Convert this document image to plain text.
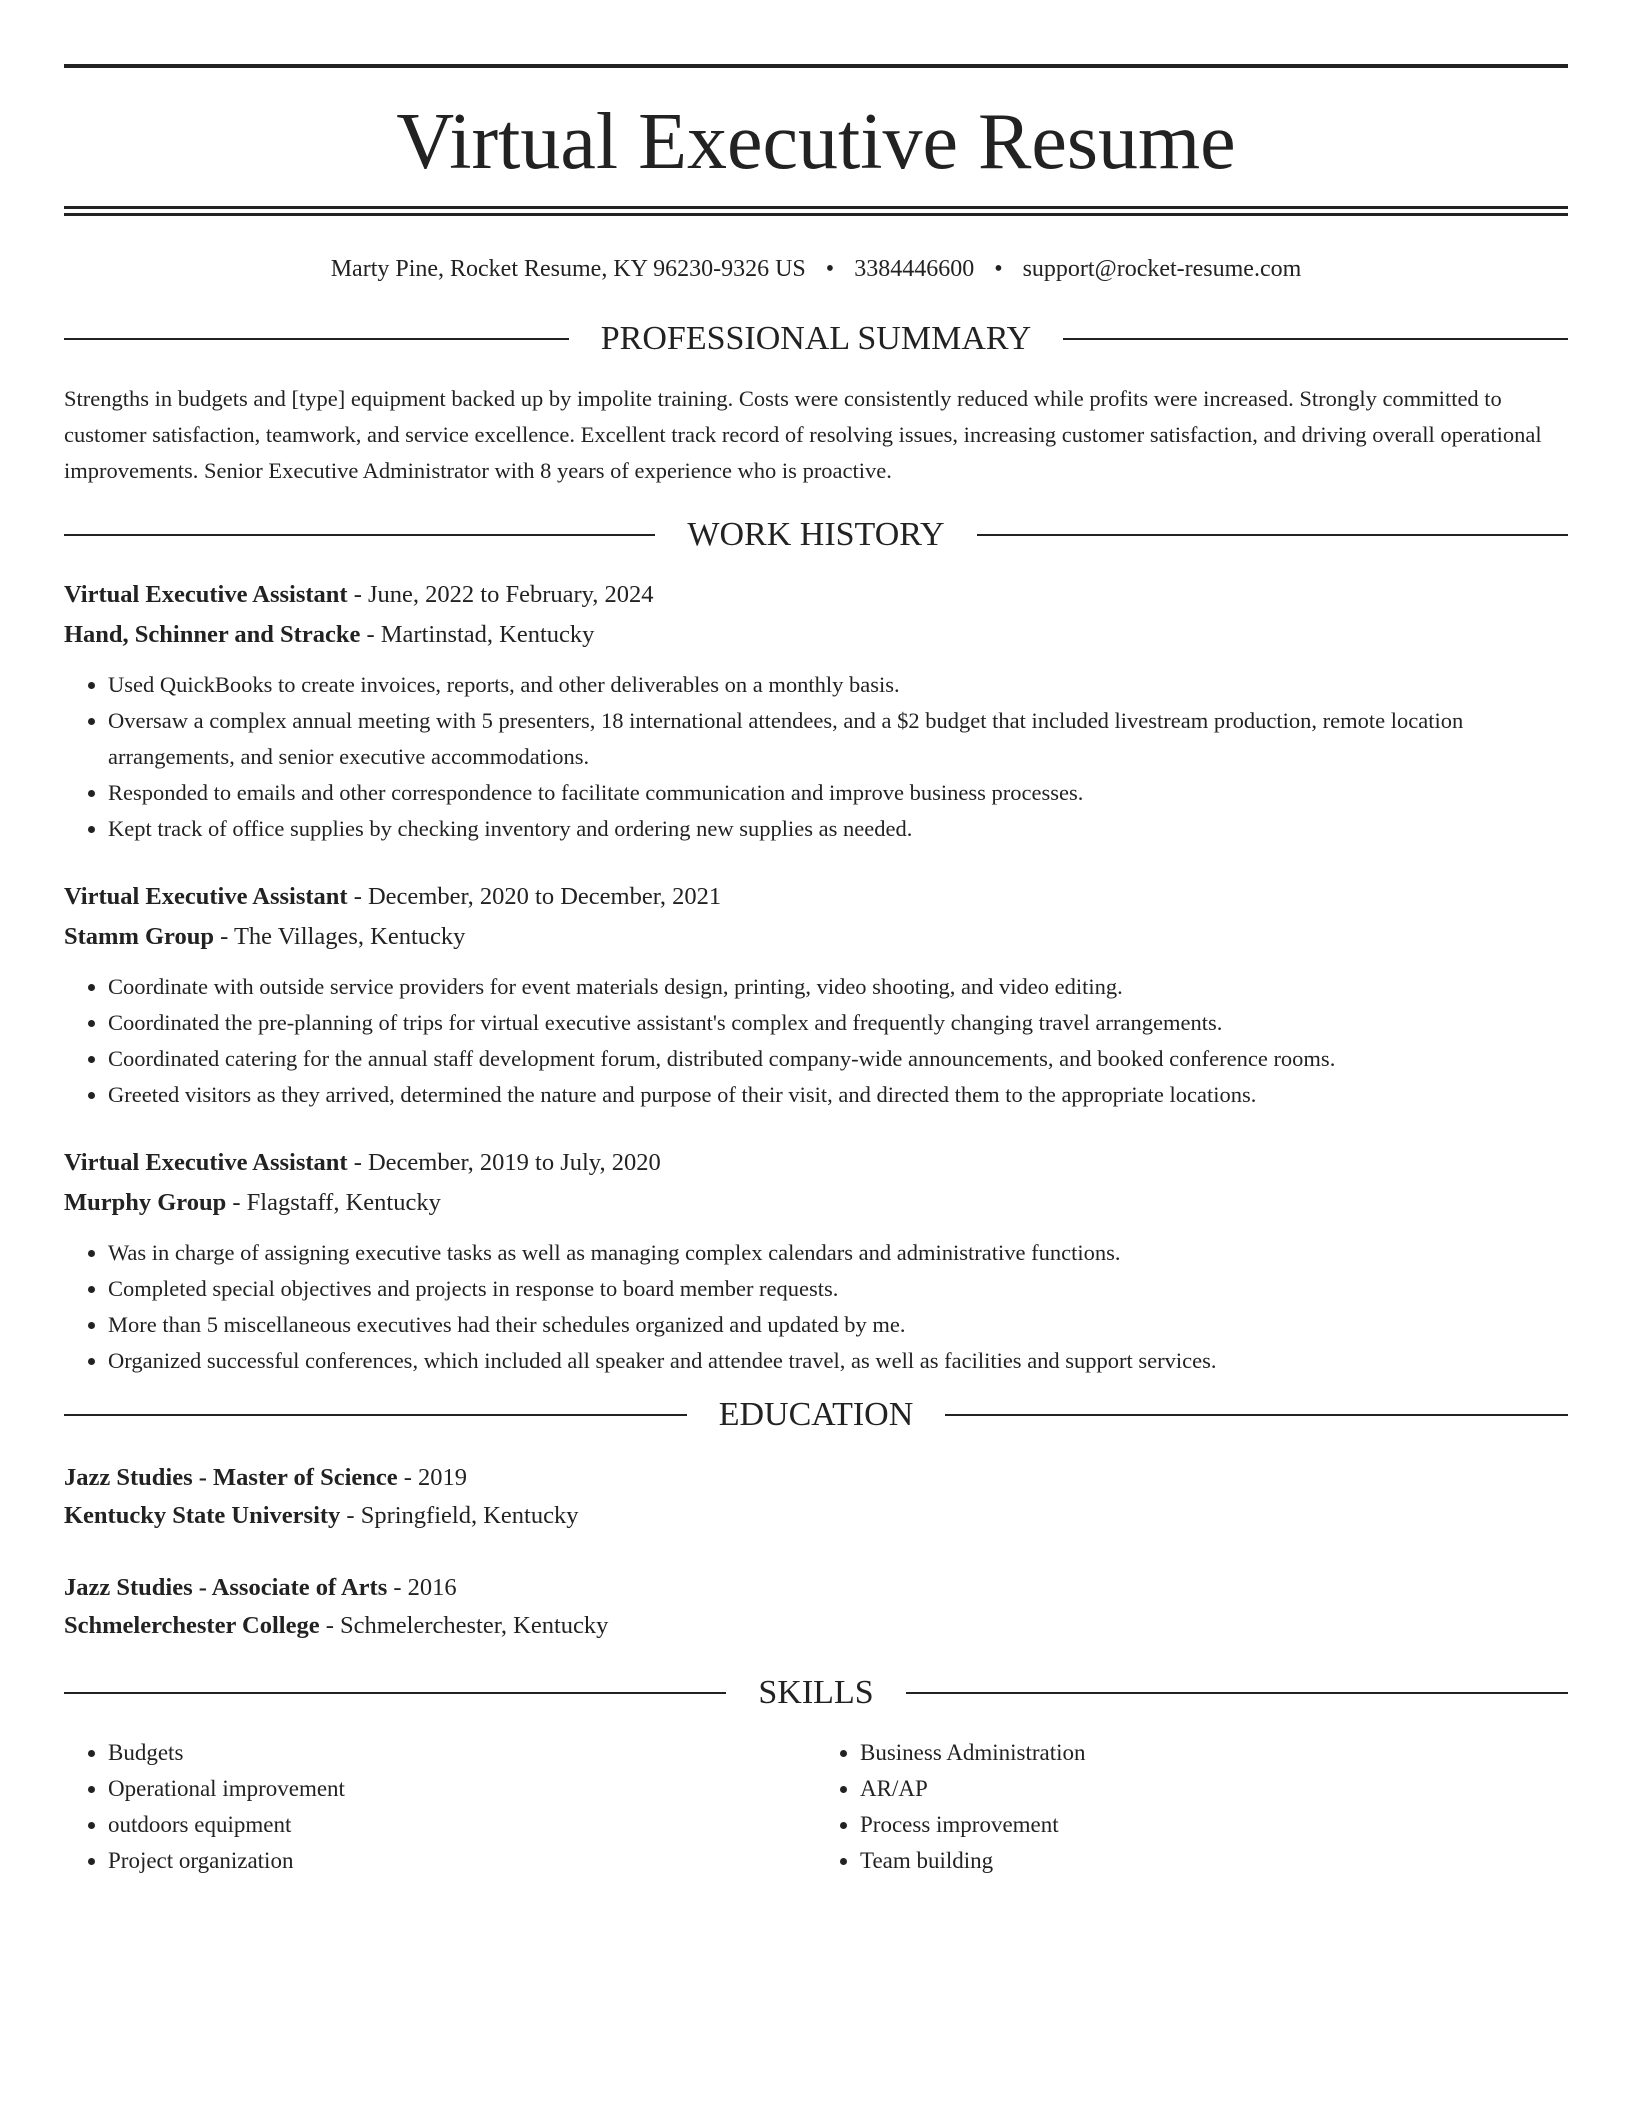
Virtual Executive Resume
Marty Pine, Rocket Resume, KY 96230-9326 US • 3384446600 • support@rocket-resume.com
PROFESSIONAL SUMMARY
Strengths in budgets and [type] equipment backed up by impolite training. Costs were consistently reduced while profits were increased. Strongly committed to customer satisfaction, teamwork, and service excellence. Excellent track record of resolving issues, increasing customer satisfaction, and driving overall operational improvements. Senior Executive Administrator with 8 years of experience who is proactive.
WORK HISTORY
Virtual Executive Assistant - June, 2022 to February, 2024
Hand, Schinner and Stracke - Martinstad, Kentucky
• Used QuickBooks to create invoices, reports, and other deliverables on a monthly basis.
• Oversaw a complex annual meeting with 5 presenters, 18 international attendees, and a $2 budget that included livestream production, remote location arrangements, and senior executive accommodations.
• Responded to emails and other correspondence to facilitate communication and improve business processes.
• Kept track of office supplies by checking inventory and ordering new supplies as needed.
Virtual Executive Assistant - December, 2020 to December, 2021
Stamm Group - The Villages, Kentucky
• Coordinate with outside service providers for event materials design, printing, video shooting, and video editing.
• Coordinated the pre-planning of trips for virtual executive assistant's complex and frequently changing travel arrangements.
• Coordinated catering for the annual staff development forum, distributed company-wide announcements, and booked conference rooms.
• Greeted visitors as they arrived, determined the nature and purpose of their visit, and directed them to the appropriate locations.
Virtual Executive Assistant - December, 2019 to July, 2020
Murphy Group - Flagstaff, Kentucky
• Was in charge of assigning executive tasks as well as managing complex calendars and administrative functions.
• Completed special objectives and projects in response to board member requests.
• More than 5 miscellaneous executives had their schedules organized and updated by me.
• Organized successful conferences, which included all speaker and attendee travel, as well as facilities and support services.
EDUCATION
Jazz Studies - Master of Science - 2019
Kentucky State University - Springfield, Kentucky
Jazz Studies - Associate of Arts - 2016
Schmelerchester College - Schmelerchester, Kentucky
SKILLS
• Budgets
• Operational improvement
• outdoors equipment
• Project organization
• Business Administration
• AR/AP
• Process improvement
• Team building
